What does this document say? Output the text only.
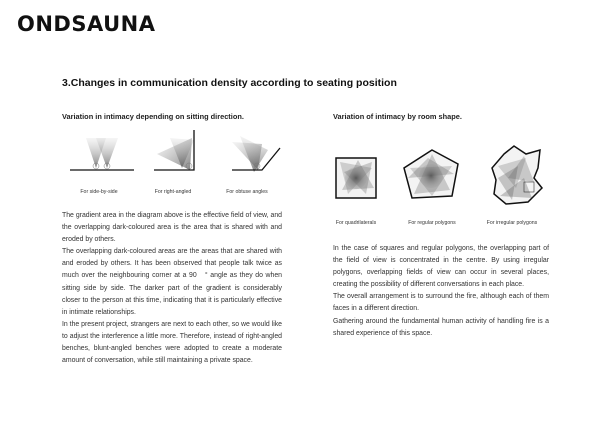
ONDSAUNA
3.Changes in communication density according to seating position
Variation in intimacy depending on sitting direction.	Variation of intimacy by room shape.
For side-by-side	For right-angled	For obtuse angles
For quadrilaterals	For regular polygons	For irregular polygons

The gradient area in the diagram above is the effective field of view, and the overlapping dark-coloured area is the area that is shared with and eroded by others.

The overlapping dark-coloured areas are the areas that are shared with and eroded by others. It has been observed that people talk twice as much over the neighbouring corner at a 90　° angle as they do when sitting side by side. The darker part of the gradient is considerably closer to the person at this time, indicating that it is particularly effective in intimate relationships.

In the present project, strangers are next to each other, so we would like to adjust the interference a little more. Therefore, instead of right-angled benches, blunt-angled benches were adopted to create a moderate amount of conversation, while still maintaining a private space.

In the case of squares and regular polygons, the overlapping part of the field of view is concentrated in the centre. By using irregular polygons, overlapping fields of view can occur in several places, creating the possibility of different conversations in each place.

The overall arrangement is to surround the fire, although each of them faces in a different direction.

Gathering around the fundamental human activity of handling fire is a shared experience of this space.
